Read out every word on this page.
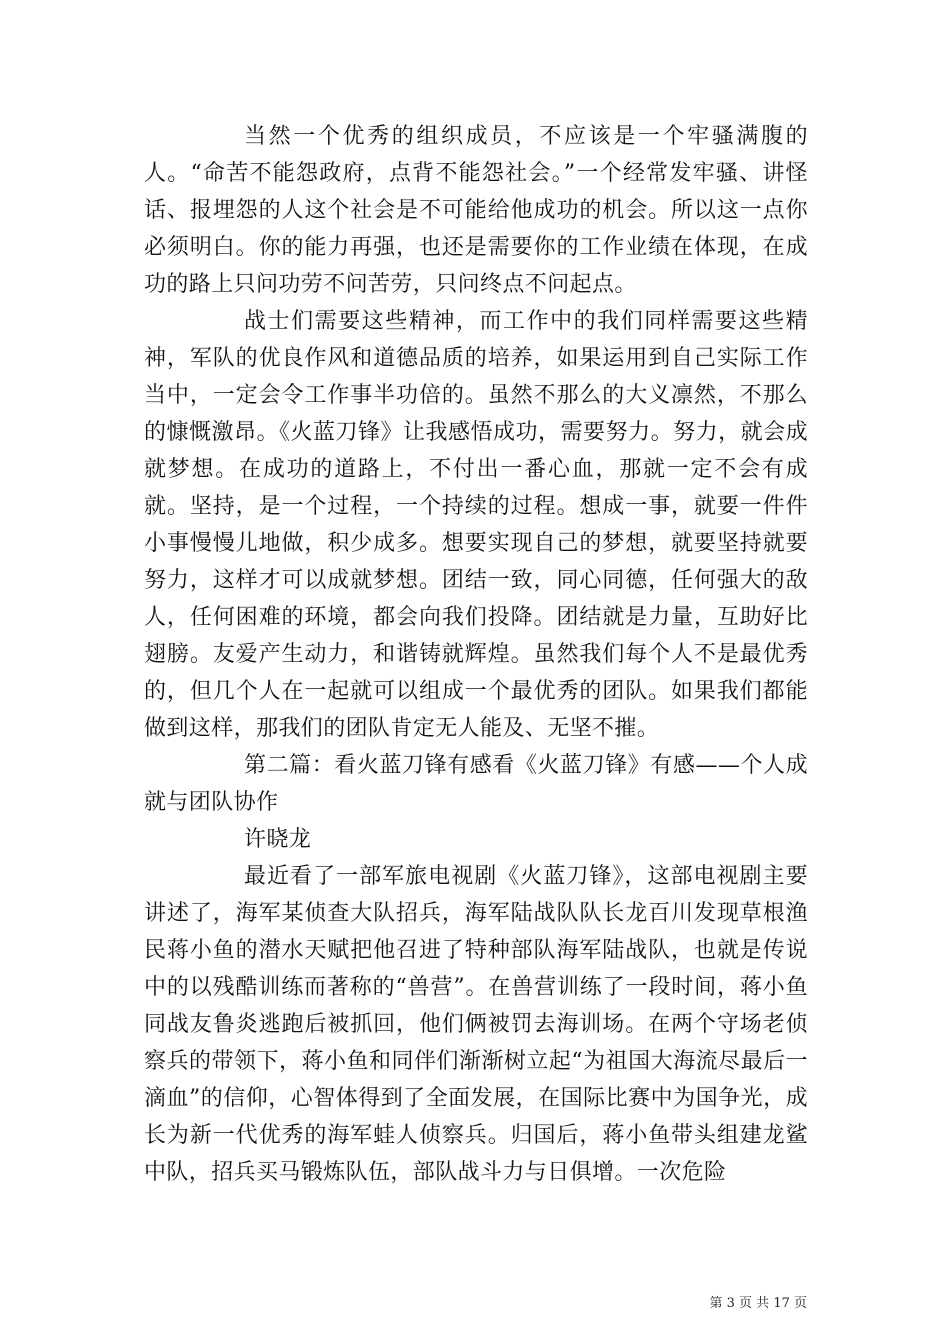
当然一个优秀的组织成员，不应该是一个牢骚满腹的人。“命苦不能怨政府，点背不能怨社会。”一个经常发牢骚、讲怪话、报埋怨的人这个社会是不可能给他成功的机会。所以这一点你必须明白。你的能力再强，也还是需要你的工作业绩在体现，在成功的路上只问功劳不问苦劳，只问终点不问起点。

战士们需要这些精神，而工作中的我们同样需要这些精神，军队的优良作风和道德品质的培养，如果运用到自己实际工作当中，一定会令工作事半功倍的。虽然不那么的大义凛然，不那么的慷慨激昂。《火蓝刀锋》让我感悟成功，需要努力。努力，就会成就梦想。在成功的道路上，不付出一番心血，那就一定不会有成就。坚持，是一个过程，一个持续的过程。想成一事，就要一件件小事慢慢儿地做，积少成多。想要实现自己的梦想，就要坚持就要努力，这样才可以成就梦想。团结一致，同心同德，任何强大的敌人，任何困难的环境，都会向我们投降。团结就是力量，互助好比翅膀。友爱产生动力，和谐铸就辉煌。虽然我们每个人不是最优秀的，但几个人在一起就可以组成一个最优秀的团队。如果我们都能做到这样，那我们的团队肯定无人能及、无坚不摧。

第二篇：看火蓝刀锋有感看《火蓝刀锋》有感——个人成就与团队协作

许晓龙

最近看了一部军旅电视剧《火蓝刀锋》，这部电视剧主要讲述了，海军某侦查大队招兵，海军陆战队队长龙百川发现草根渔民蒋小鱼的潜水天赋把他召进了特种部队海军陆战队，也就是传说中的以残酷训练而著称的“兽营”。在兽营训练了一段时间，蒋小鱼同战友鲁炎逃跑后被抓回，他们俩被罚去海训场。在两个守场老侦察兵的带领下，蒋小鱼和同伴们渐渐树立起“为祖国大海流尽最后一滴血”的信仰，心智体得到了全面发展，在国际比赛中为国争光，成长为新一代优秀的海军蛙人侦察兵。归国后，蒋小鱼带头组建龙鲨中队，招兵买马锻炼队伍，部队战斗力与日俱增。一次危险

第 3 页 共 17 页
